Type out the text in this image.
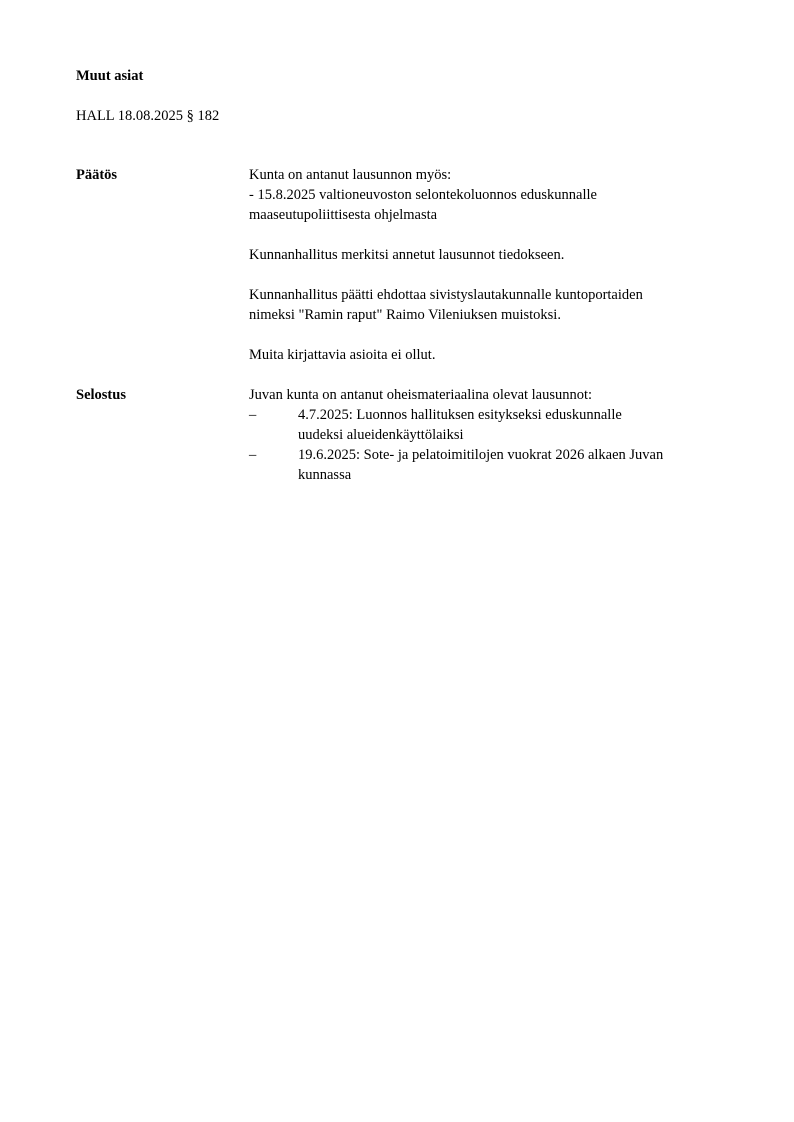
Muut asiat
HALL 18.08.2025 § 182
Päätös	Kunta on antanut lausunnon myös:
- 15.8.2025 valtioneuvoston selontekoluonnos eduskunnalle
maaseutupoliittisesta ohjelmasta

Kunnanhallitus merkitsi annetut lausunnot tiedokseen.

Kunnanhallitus päätti ehdottaa sivistyslautakunnalle kuntoportaiden
nimeksi "Ramin raput" Raimo Vileniuksen muistoksi.

Muita kirjattavia asioita ei ollut.

Selostus	Juvan kunta on antanut oheismateriaalina olevat lausunnot:
–	4.7.2025: Luonnos hallituksen esitykseksi eduskunnalle
uudeksi alueidenkäyttölaiksi
–	19.6.2025: Sote- ja pelatoimitilojen vuokrat 2026 alkaen Juvan
kunnassa
